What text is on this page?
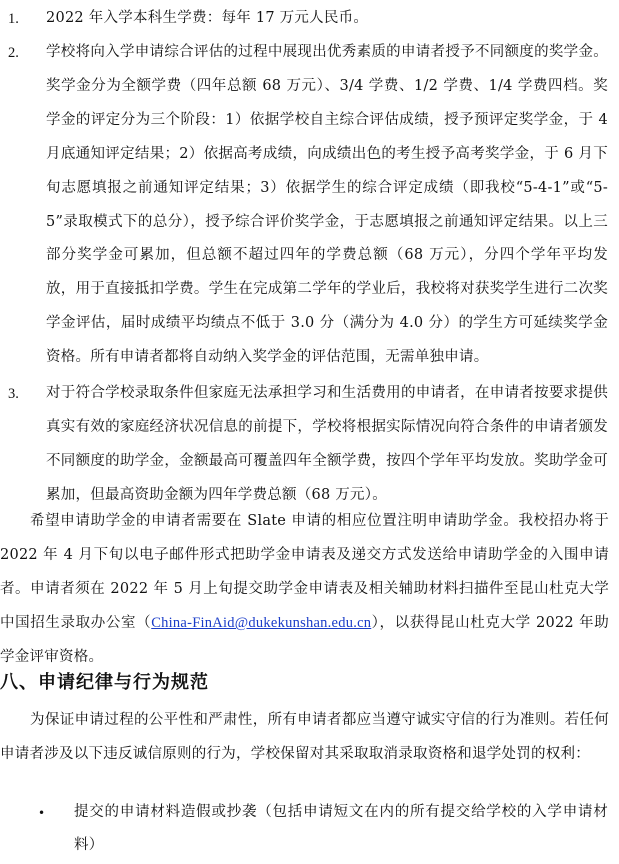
1. 2022 年入学本科生学费：每年 17 万元人民币。
2. 学校将向入学申请综合评估的过程中展现出优秀素质的申请者授予不同额度的奖学金。奖学金分为全额学费（四年总额 68 万元）、3/4 学费、1/2 学费、1/4 学费四档。奖学金的评定分为三个阶段：1）依据学校自主综合评估成绩，授予预评定奖学金，于 4 月底通知评定结果；2）依据高考成绩，向成绩出色的考生授予高考奖学金，于 6 月下旬志愿填报之前通知评定结果；3）依据学生的综合评定成绩（即我校“5-4-1”或“5-5”录取模式下的总分），授予综合评价奖学金，于志愿填报之前通知评定结果。以上三部分奖学金可累加，但总额不超过四年的学费总额（68 万元），分四个学年平均发放，用于直接抵扣学费。学生在完成第二学年的学业后，我校将对获奖学生进行二次奖学金评估，届时成绩平均绩点不低于 3.0 分（满分为 4.0 分）的学生方可延续奖学金资格。所有申请者都将自动纳入奖学金的评估范围，无需单独申请。
3. 对于符合学校录取条件但家庭无法承担学习和生活费用的申请者，在申请者按要求提供真实有效的家庭经济状况信息的前提下，学校将根据实际情况向符合条件的申请者颁发不同额度的助学金，金额最高可覆盖四年全额学费，按四个学年平均发放。奖助学金可累加，但最高资助金额为四年学费总额（68 万元）。
希望申请助学金的申请者需要在 Slate 申请的相应位置注明申请助学金。我校招办将于 2022 年 4 月下旬以电子邮件形式把助学金申请表及递交方式发送给申请助学金的入围申请者。申请者须在 2022 年 5 月上旬提交助学金申请表及相关辅助材料扫描件至昆山杜克大学中国招生录取办公室（China-FinAid@dukekunshan.edu.cn），以获得昆山杜克大学 2022 年助学金评审资格。
八、申请纪律与行为规范
为保证申请过程的公平性和严肃性，所有申请者都应当遵守诚实守信的行为准则。若任何申请者涉及以下违反诚信原则的行为，学校保留对其采取取消录取资格和退学处罚的权利：
• 提交的申请材料造假或抄袭（包括申请短文在内的所有提交给学校的入学申请材料）
